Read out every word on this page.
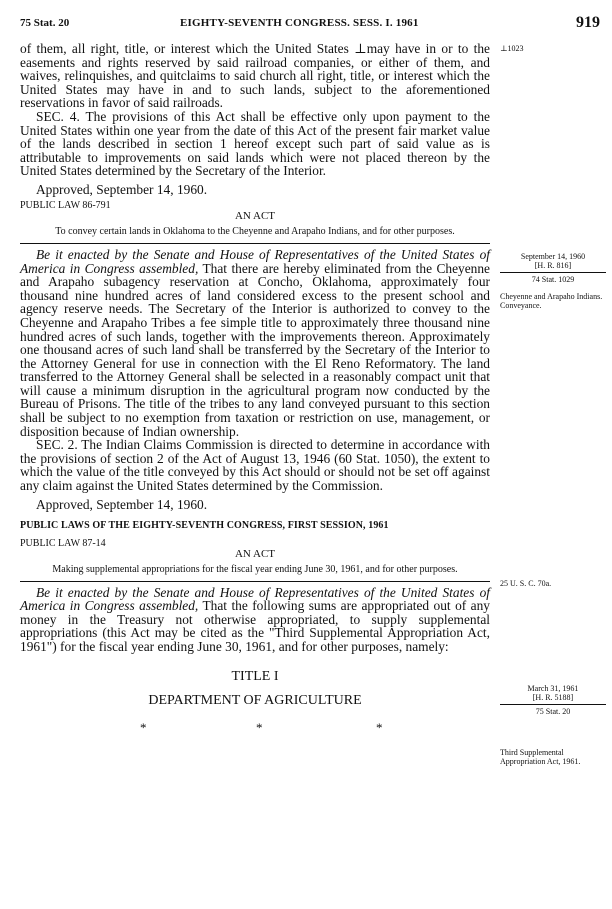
75 Stat. 20	EIGHTY-SEVENTH CONGRESS. SESS. I. 1961	919

of them, all right, title, or interest which the United States ⊥may have in or to the easements and rights reserved by said railroad companies, or either of them, and waives, relinquishes, and quitclaims to said church all right, title, or interest which the United States may have in and to such lands, subject to the aforementioned reservations in favor of said railroads.

SEC. 4. The provisions of this Act shall be effective only upon payment to the United States within one year from the date of this Act of the present fair market value of the lands described in section 1 hereof except such part of said value as is attributable to improvements on said lands which were not placed thereon by the United States determined by the Secretary of the Interior.

Approved, September 14, 1960.

PUBLIC LAW 86-791
AN ACT

To convey certain lands in Oklahoma to the Cheyenne and Arapaho Indians, and for other purposes.

Be it enacted by the Senate and House of Representatives of the United States of America in Congress assembled, That there are hereby eliminated from the Cheyenne and Arapaho subagency reservation at Concho, Oklahoma, approximately four thousand nine hundred acres of land considered excess to the present school and agency reserve needs. The Secretary of the Interior is authorized to convey to the Cheyenne and Arapaho Tribes a fee simple title to approximately three thousand nine hundred acres of such lands, together with the improvements thereon. Approximately one thousand acres of such land shall be transferred by the Secretary of the Interior to the Attorney General for use in connection with the El Reno Reformatory. The land transferred to the Attorney General shall be selected in a reasonably compact unit that will cause a minimum disruption in the agricultural program now conducted by the Bureau of Prisons. The title of the tribes to any land conveyed pursuant to this section shall be subject to no exemption from taxation or restriction on use, management, or disposition because of Indian ownership.

SEC. 2. The Indian Claims Commission is directed to determine in accordance with the provisions of section 2 of the Act of August 13, 1946 (60 Stat. 1050), the extent to which the value of the title conveyed by this Act should or should not be set off against any claim against the United States determined by the Commission.

Approved, September 14, 1960.

PUBLIC LAWS OF THE EIGHTY-SEVENTH CONGRESS, FIRST SESSION, 1961
PUBLIC LAW 87-14
AN ACT

Making supplemental appropriations for the fiscal year ending June 30, 1961, and for other purposes.

Be it enacted by the Senate and House of Representatives of the United States of America in Congress assembled, That the following sums are appropriated out of any money in the Treasury not otherwise appropriated, to supply supplemental appropriations (this Act may be cited as the "Third Supplemental Appropriation Act, 1961") for the fiscal year ending June 30, 1961, and for other purposes, namely:

TITLE I
DEPARTMENT OF AGRICULTURE
*	*	*
⊥1023
September 14, 1960
[H. R. 816]
74 Stat. 1029
Cheyenne and Arapaho Indians. Conveyance.
25 U. S. C. 70a.
March 31, 1961
[H. R. 5188]
75 Stat. 20
Third Supplemental Appropriation Act, 1961.
